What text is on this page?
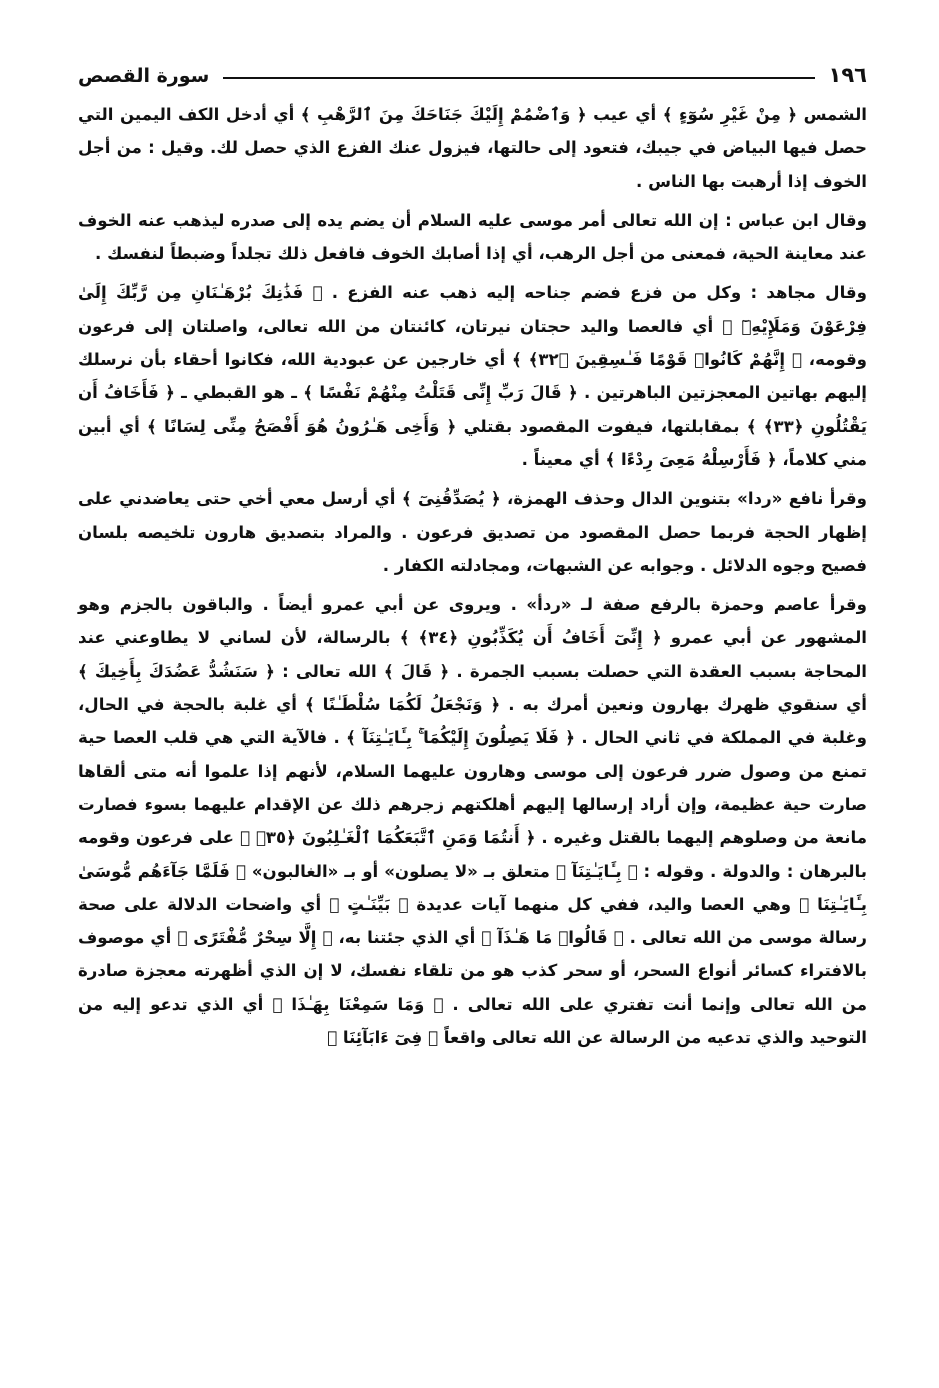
١٩٦
سورة القصص

الشمس ﴿ مِنْ غَيْرِ سُوٓءٍ ﴾ أي عيب ﴿ وَٱضْمُمْ إِلَيْكَ جَنَاحَكَ مِنَ ٱلرَّهْبِ ﴾ أي أدخل الكف اليمين التي حصل فيها البياض في جيبك، فتعود إلى حالتها، فيزول عنك الفزع الذي حصل لك. وقيل : من أجل الخوف إذا أرهبت بها الناس .

وقال ابن عباس : إن الله تعالى أمر موسى عليه السلام أن يضم يده إلى صدره ليذهب عنه الخوف عند معاينة الحية، فمعنى من أجل الرهب، أي إذا أصابك الخوف فافعل ذلك تجلداً وضبطاً لنفسك .

وقال مجاهد : وكل من فزع فضم جناحه إليه ذهب عنه الفزع . ﴿ فَذَٰنِكَ بُرْهَـٰنَانِ مِن رَّبِّكَ إِلَىٰ فِرْعَوْنَ وَمَلَإِيْهِۦٓ ﴾ أي فالعصا واليد حجتان نيرتان، كائنتان من الله تعالى، واصلتان إلى فرعون وقومه، ﴿ إِنَّهُمْ كَانُوا۟ قَوْمًا فَـٰسِقِينَ ﴿٣٢﴾ ﴾ أي خارجين عن عبودية الله، فكانوا أحقاء بأن نرسلك إليهم بهاتين المعجزتين الباهرتين . ﴿ قَالَ رَبِّ إِنِّى قَتَلْتُ مِنْهُمْ نَفْسًا ﴾ ـ هو القبطي ـ ﴿ فَأَخَافُ أَن يَقْتُلُونِ ﴿٣٣﴾ ﴾ بمقابلتها، فيفوت المقصود بقتلي ﴿ وَأَخِى هَـٰرُونُ هُوَ أَفْصَحُ مِنِّى لِسَانًا ﴾ أي أبين مني كلاماً، ﴿ فَأَرْسِلْهُ مَعِىَ رِدْءًا ﴾ أي معيناً .

وقرأ نافع «ردا» بتنوين الدال وحذف الهمزة، ﴿ يُصَدِّقُنِىٓ ﴾ أي أرسل معي أخي حتى يعاضدني على إظهار الحجة فربما حصل المقصود من تصديق فرعون . والمراد بتصديق هارون تلخيصه بلسان فصيح وجوه الدلائل . وجوابه عن الشبهات، ومجادلته الكفار .

وقرأ عاصم وحمزة بالرفع صفة لـ «ردأ» . ويروى عن أبي عمرو أيضاً . والباقون بالجزم وهو المشهور عن أبي عمرو ﴿ إِنِّىٓ أَخَافُ أَن يُكَذِّبُونِ ﴿٣٤﴾ ﴾ بالرسالة، لأن لساني لا يطاوعني عند المحاجة بسبب العقدة التي حصلت بسبب الجمرة . ﴿ قَالَ ﴾ الله تعالى : ﴿ سَنَشُدُّ عَضُدَكَ بِأَخِيكَ ﴾ أي سنقوي ظهرك بهارون ونعين أمرك به . ﴿ وَنَجْعَلُ لَكُمَا سُلْطَـٰنًا ﴾ أي غلبة بالحجة في الحال، وغلبة في المملكة في ثاني الحال . ﴿ فَلَا يَصِلُونَ إِلَيْكُمَا ۚ بِـَٔايَـٰتِنَآ ﴾ . فالآية التي هي قلب العصا حية تمنع من وصول ضرر فرعون إلى موسى وهارون عليهما السلام، لأنهم إذا علموا أنه متى ألقاها صارت حية عظيمة، وإن أراد إرسالها إليهم أهلكتهم زجرهم ذلك عن الإقدام عليهما بسوء فصارت مانعة من وصلوهم إليهما بالقتل وغيره . ﴿ أَنتُمَا وَمَنِ ٱتَّبَعَكُمَا ٱلْغَـٰلِبُونَ ﴿٣٥﴾ ﴾ على فرعون وقومه بالبرهان : والدولة . وقوله : ﴿ بِـَٔايَـٰتِنَآ ﴾ متعلق بـ «لا يصلون» أو بـ «الغالبون» ﴿ فَلَمَّا جَآءَهُم مُّوسَىٰ بِـَٔايَـٰتِنَا ﴾ وهي العصا واليد، ففي كل منهما آيات عديدة ﴿ بَيِّنَـٰتٍ ﴾ أي واضحات الدلالة على صحة رسالة موسى من الله تعالى . ﴿ قَالُوا۟ مَا هَـٰذَآ ﴾ أي الذي جئتنا به، ﴿ إِلَّا سِحْرٌ مُّفْتَرًى ﴾ أي موصوف بالافتراء كسائر أنواع السحر، أو سحر كذب هو من تلقاء نفسك، لا إن الذي أظهرته معجزة صادرة من الله تعالى وإنما أنت تفتري على الله تعالى . ﴿ وَمَا سَمِعْنَا بِهَـٰذَا ﴾ أي الذي تدعو إليه من التوحيد والذي تدعيه من الرسالة عن الله تعالى واقعاً ﴿ فِىٓ ءَابَآئِنَا ﴾
